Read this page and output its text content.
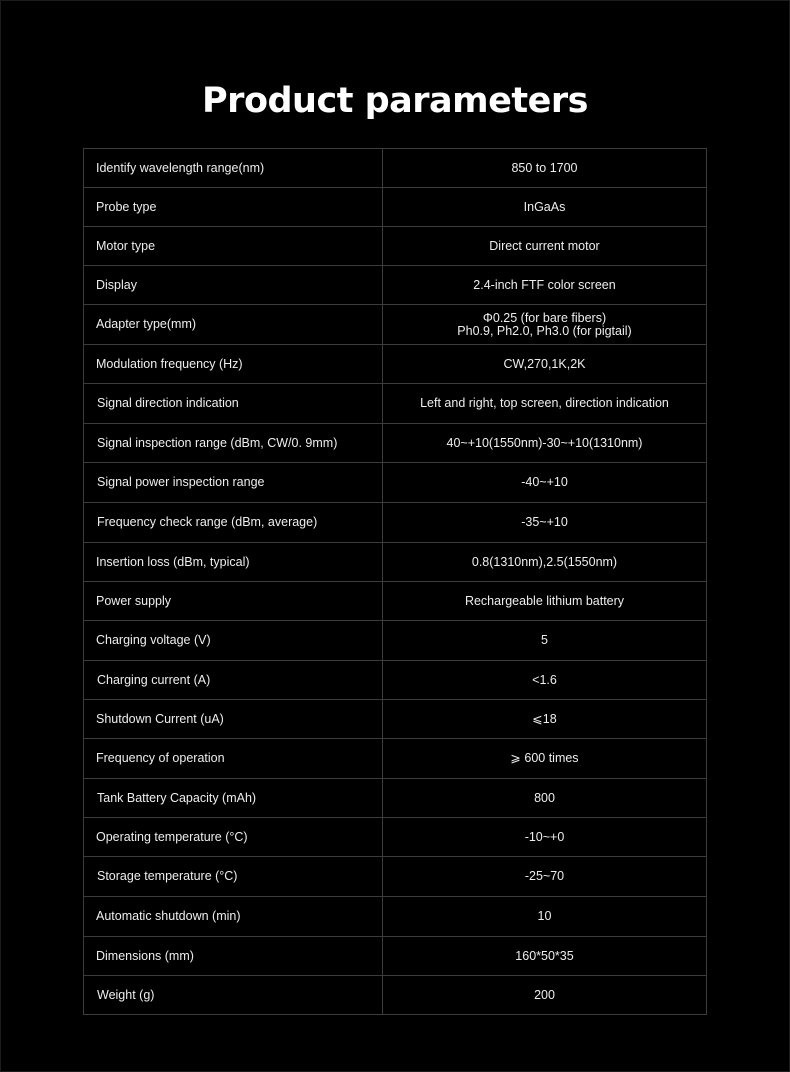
Product parameters
Identify wavelength range(nm)	850 to 1700
Probe type	InGaAs
Motor type	Direct current motor
Display	2.4-inch FTF color screen
Adapter type(mm)	Φ0.25 (for bare fibers)
Ph0.9, Ph2.0, Ph3.0 (for pigtail)

Modulation frequency (Hz)	CW,270,1K,2K
Signal direction indication	Left and right, top screen, direction indication
Signal inspection range (dBm, CW/0. 9mm)	40~+10(1550nm)-30~+10(1310nm)
Signal power inspection range	-40~+10
Frequency check range (dBm, average)	-35~+10
Insertion loss (dBm, typical)	0.8(1310nm),2.5(1550nm)
Power supply	Rechargeable lithium battery
Charging voltage (V)	5
Charging current (A)	<1.6
Shutdown Current (uA)	⩽18
Frequency of operation	⩾ 600 times
Tank Battery Capacity (mAh)	800
Operating temperature (°C)	-10~+0
Storage temperature (°C)	-25~70
Automatic shutdown (min)	10
Dimensions (mm)	160*50*35
Weight (g)	200
